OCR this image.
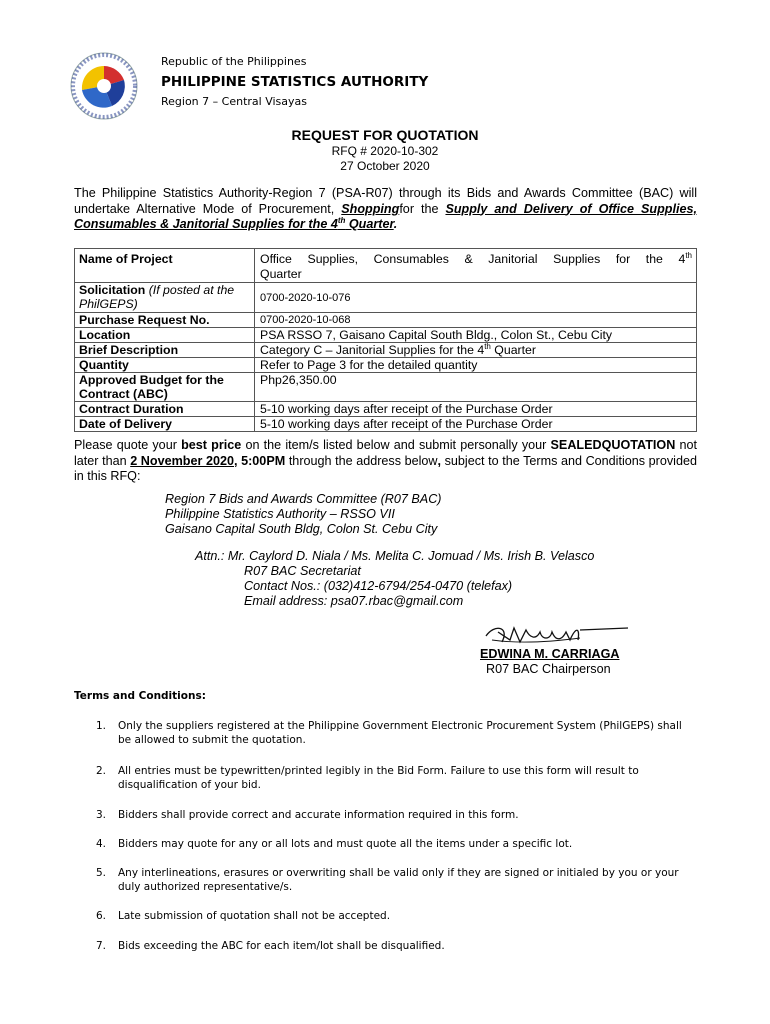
Republic of the Philippines
PHILIPPINE STATISTICS AUTHORITY
Region 7 – Central Visayas
REQUEST FOR QUOTATION
RFQ # 2020-10-302
27 October 2020
The Philippine Statistics Authority-Region 7 (PSA-R07) through its Bids and Awards Committee (BAC) will undertake Alternative Mode of Procurement, Shoppingfor the Supply and Delivery of Office Supplies, Consumables & Janitorial Supplies for the 4th Quarter.
Name of Project	Office Supplies, Consumables & Janitorial Supplies for the 4th
Quarter

Solicitation (If posted at the PhilGEPS)	0700-2020-10-076
Purchase Request No.	0700-2020-10-068
Location	PSA RSSO 7, Gaisano Capital South Bldg., Colon St., Cebu City
Brief Description	Category C – Janitorial Supplies for the 4th Quarter
Quantity	Refer to Page 3 for the detailed quantity
Approved Budget for the Contract (ABC)	Php26,350.00
Contract Duration	5-10 working days after receipt of the Purchase Order
Date of Delivery	5-10 working days after receipt of the Purchase Order
Please quote your best price on the item/s listed below and submit personally your SEALEDQUOTATION not later than 2 November 2020, 5:00PM through the address below, subject to the Terms and Conditions provided in this RFQ:
Region 7 Bids and Awards Committee (R07 BAC)
Philippine Statistics Authority – RSSO VII
Gaisano Capital South Bldg, Colon St. Cebu City
Attn.: Mr. Caylord D. Niala / Ms. Melita C. Jomuad / Ms. Irish B. Velasco
R07 BAC Secretariat
Contact Nos.: (032)412-6794/254-0470 (telefax)
Email address: psa07.rbac@gmail.com
EDWINA M. CARRIAGA
R07 BAC Chairperson
Terms and Conditions:
1. Only the suppliers registered at the Philippine Government Electronic Procurement System (PhilGEPS) shall be allowed to submit the quotation.
2. All entries must be typewritten/printed legibly in the Bid Form. Failure to use this form will result to disqualification of your bid.
3. Bidders shall provide correct and accurate information required in this form.
4. Bidders may quote for any or all lots and must quote all the items under a specific lot.
5. Any interlineations, erasures or overwriting shall be valid only if they are signed or initialed by you or your duly authorized representative/s.
6. Late submission of quotation shall not be accepted.
7. Bids exceeding the ABC for each item/lot shall be disqualified.
